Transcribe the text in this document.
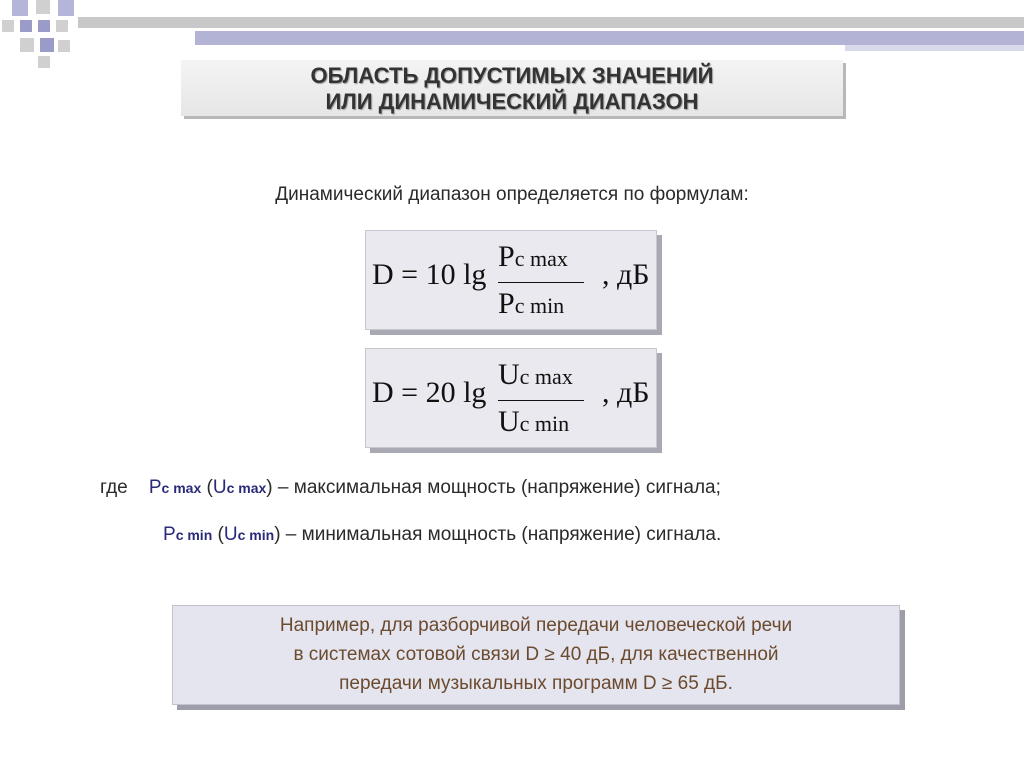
ОБЛАСТЬ ДОПУСТИМЫХ ЗНАЧЕНИЙ
ИЛИ ДИНАМИЧЕСКИЙ ДИАПАЗОН
Динамический диапазон определяется по формулам:
D = 10 lg
Pc max
Pc min
, дБ
D = 20 lg
Uc max
Uc min
, дБ
где Рc max (Uc max) – максимальная мощность (напряжение) сигнала;
Рc min (Uc min) – минимальная мощность (напряжение) сигнала.
Например, для разборчивой передачи человеческой речи
в системах сотовой связи D ≥ 40 дБ, для качественной
передачи музыкальных программ D ≥ 65 дБ.
